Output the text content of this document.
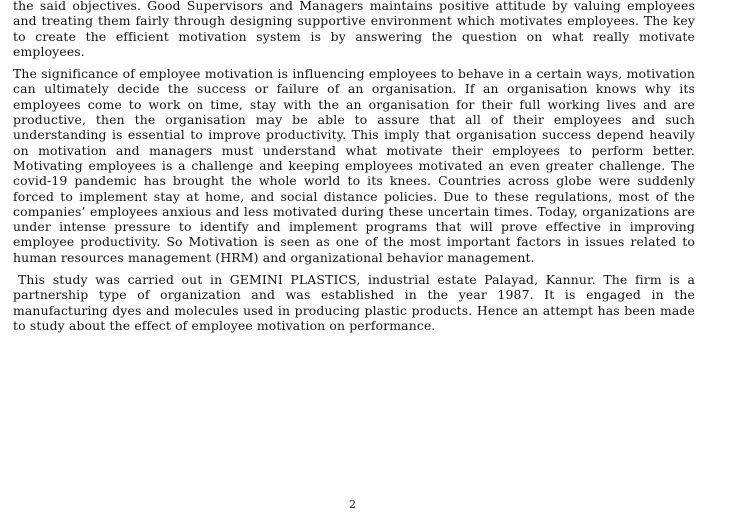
the said objectives. Good Supervisors and Managers maintains positive attitude by valuing employees and treating them fairly through designing supportive environment which motivates employees. The key to create the efficient motivation system is by answering the question on what really motivate employees.

The significance of employee motivation is influencing employees to behave in a certain ways, motivation can ultimately decide the success or failure of an organisation. If an organisation knows why its employees come to work on time, stay with the an organisation for their full working lives and are productive, then the organisation may be able to assure that all of their employees and such understanding is essential to improve productivity. This imply that organisation success depend heavily on motivation and managers must understand what motivate their employees to perform better. Motivating employees is a challenge and keeping employees motivated an even greater challenge. The covid-19 pandemic has brought the whole world to its knees. Countries across globe were suddenly forced to implement stay at home, and social distance policies. Due to these regulations, most of the companies’ employees anxious and less motivated during these uncertain times. Today, organizations are under intense pressure to identify and implement programs that will prove effective in improving employee productivity. So Motivation is seen as one of the most important factors in issues related to human resources management (HRM) and organizational behavior management.

This study was carried out in GEMINI PLASTICS, industrial estate Palayad, Kannur. The firm is a partnership type of organization and was established in the year 1987. It is engaged in the manufacturing dyes and molecules used in producing plastic products. Hence an attempt has been made to study about the effect of employee motivation on performance.

2
